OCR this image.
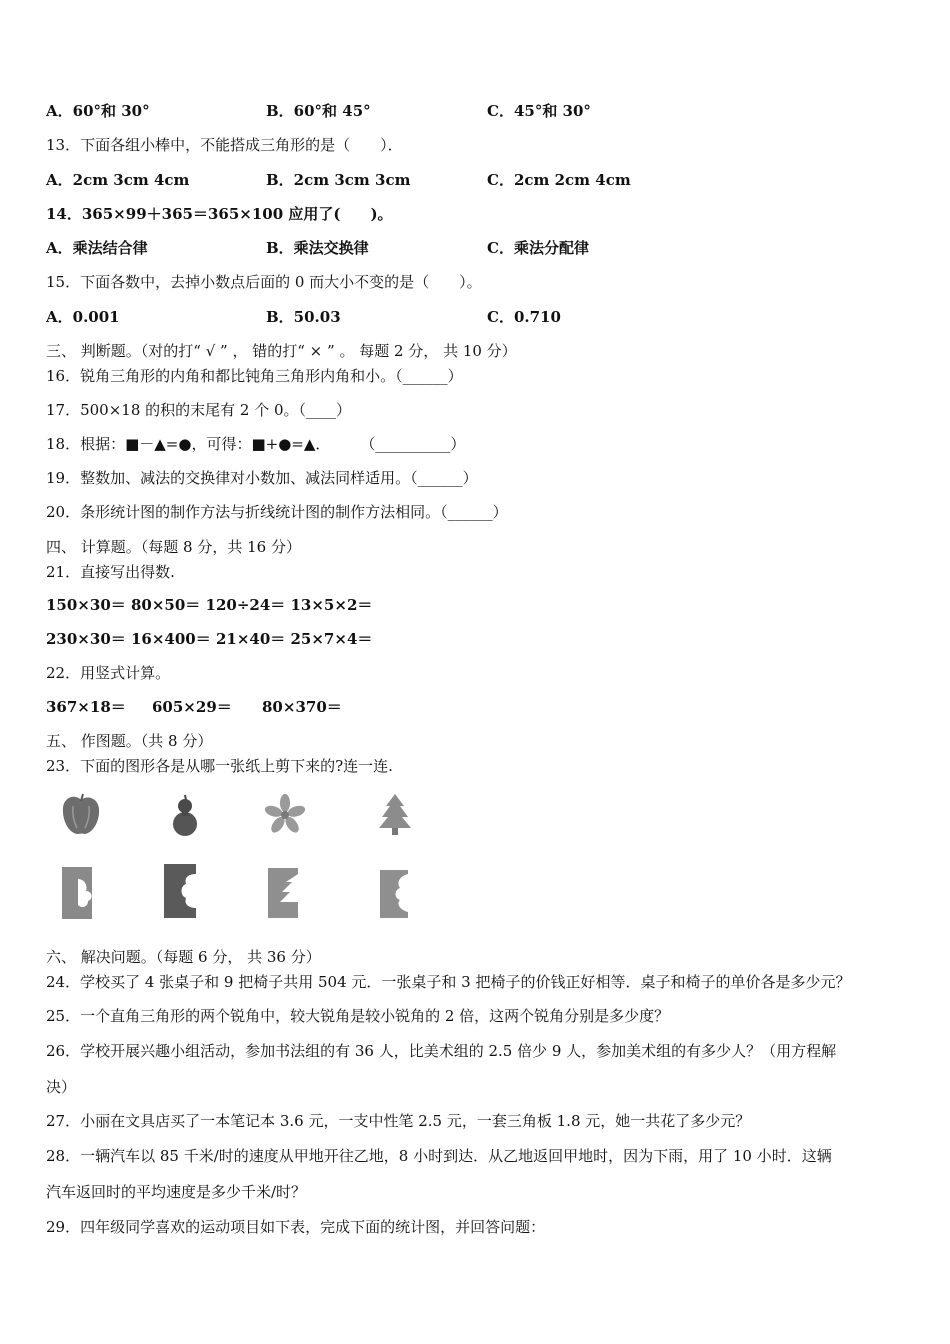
A．60°和 30°	B．60°和 45°	C．45°和 30°
13．下面各组小棒中，不能搭成三角形的是（　　）．
A．2cm 3cm 4cm	B．2cm 3cm 3cm	C．2cm 2cm 4cm
14．365×99＋365＝365×100 应用了(　　)。
A．乘法结合律	B．乘法交换律	C．乘法分配律
15．下面各数中，去掉小数点后面的 0 而大小不变的是（　　）。
A．0.001	B．50.03	C．0.710
三、 判断题。（对的打“ √ ” ， 错的打“ × ” 。 每题 2 分， 共 10 分）
16．锐角三角形的内角和都比钝角三角形内角和小。（______）
17．500×18 的积的末尾有 2 个 0。（____）
18．根据：■－▲=●，可得：■+●=▲．　　　（__________）
19．整数加、减法的交换律对小数加、减法同样适用。（______）
20．条形统计图的制作方法与折线统计图的制作方法相同。（______）
四、 计算题。（每题 8 分，共 16 分）
21．直接写出得数.
150×30＝ 80×50＝ 120÷24＝ 13×5×2＝
230×30＝ 16×400＝ 21×40＝ 25×7×4＝
22．用竖式计算。
367×18＝ 605×29＝ 80×370＝
五、 作图题。（共 8 分）
23．下面的图形各是从哪一张纸上剪下来的?连一连.
六、 解决问题。（每题 6 分， 共 36 分）
24．学校买了 4 张桌子和 9 把椅子共用 504 元．一张桌子和 3 把椅子的价钱正好相等．桌子和椅子的单价各是多少元？
25．一个直角三角形的两个锐角中，较大锐角是较小锐角的 2 倍，这两个锐角分别是多少度？
26．学校开展兴趣小组活动，参加书法组的有 36 人，比美术组的 2.5 倍少 9 人，参加美术组的有多少人？（用方程解
决）
27．小丽在文具店买了一本笔记本 3.6 元，一支中性笔 2.5 元，一套三角板 1.8 元，她一共花了多少元？
28．一辆汽车以 85 千米/时的速度从甲地开往乙地，8 小时到达．从乙地返回甲地时，因为下雨，用了 10 小时．这辆
汽车返回时的平均速度是多少千米/时？
29．四年级同学喜欢的运动项目如下表，完成下面的统计图，并回答问题：
